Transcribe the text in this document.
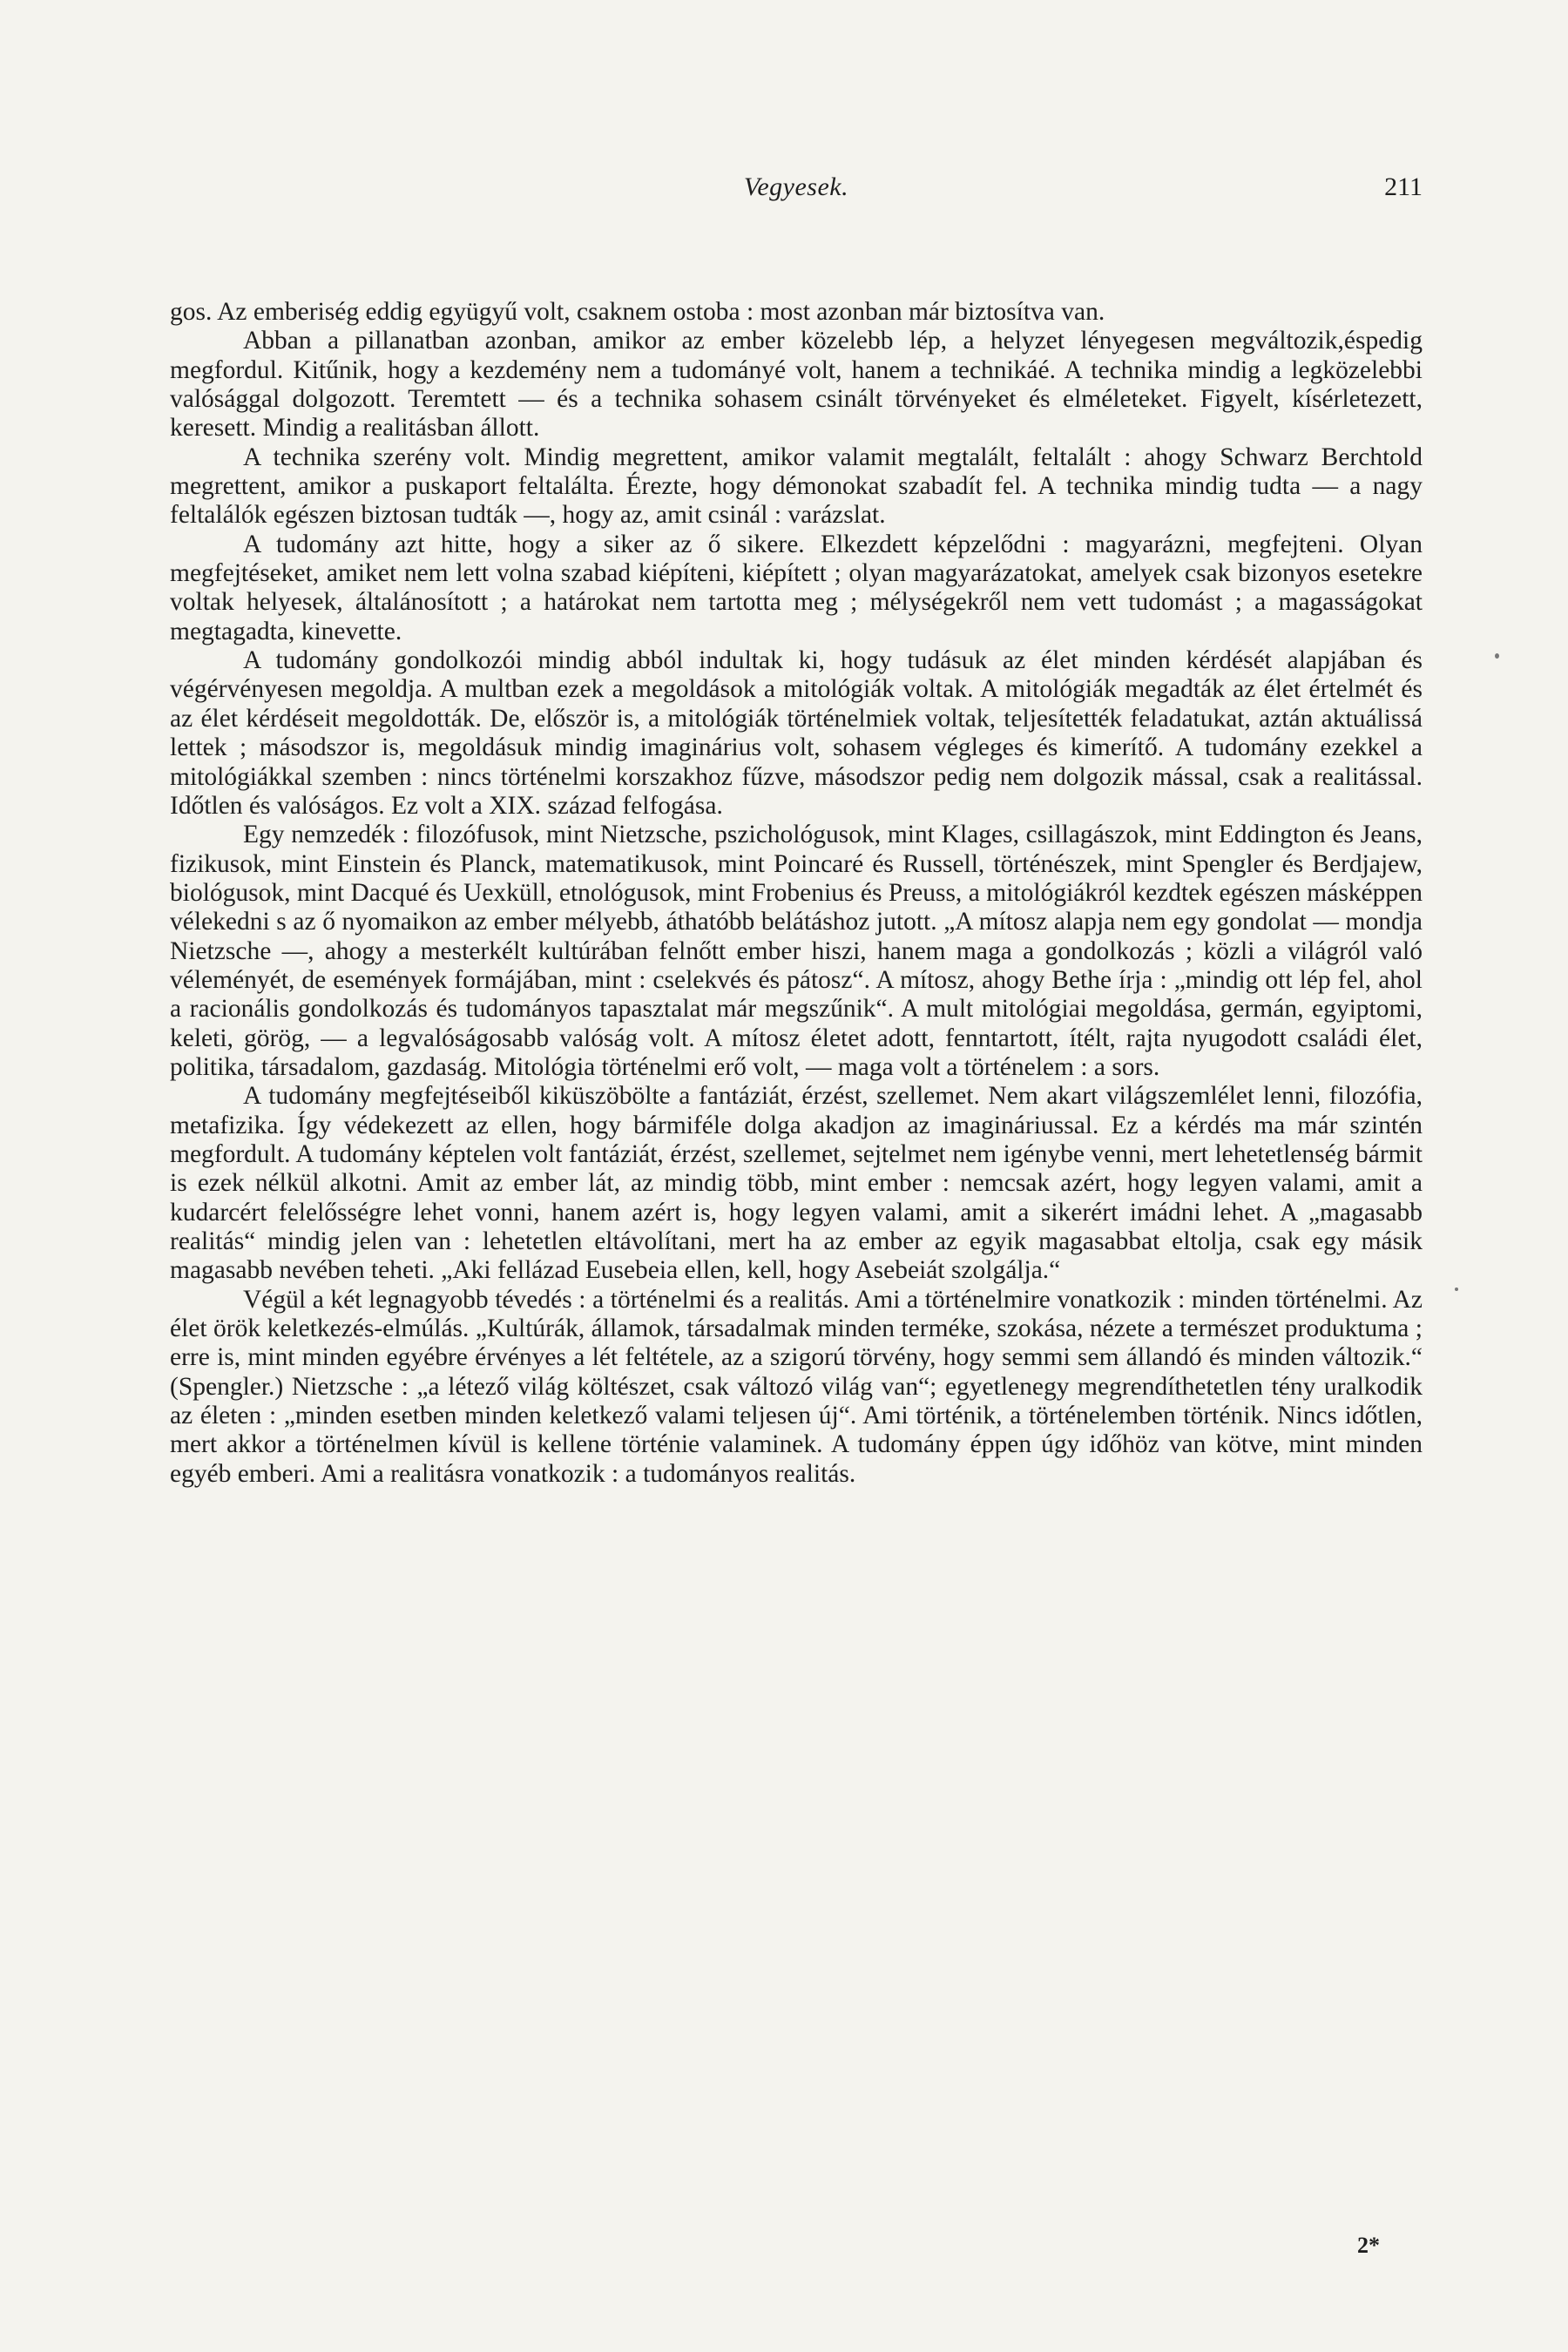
Vegyesek.	211

gos. Az emberiség eddig együgyű volt, csaknem ostoba : most azonban már biztosítva van.

Abban a pillanatban azonban, amikor az ember közelebb lép, a helyzet lényegesen megváltozik,éspedig megfordul. Kitűnik, hogy a kezdemény nem a tudományé volt, hanem a technikáé. A technika mindig a legközelebbi valósággal dolgozott. Teremtett — és a technika sohasem csinált törvényeket és elméleteket. Figyelt, kísérletezett, keresett. Mindig a realitásban állott.

A technika szerény volt. Mindig megrettent, amikor valamit megtalált, feltalált : ahogy Schwarz Berchtold megrettent, amikor a puskaport feltalálta. Érezte, hogy démonokat szabadít fel. A technika mindig tudta — a nagy feltalálók egészen biztosan tudták —, hogy az, amit csinál : varázslat.

A tudomány azt hitte, hogy a siker az ő sikere. Elkezdett képzelődni : magyarázni, megfejteni. Olyan megfejtéseket, amiket nem lett volna szabad kiépíteni, kiépített ; olyan magyarázatokat, amelyek csak bizonyos esetekre voltak helyesek, általánosított ; a határokat nem tartotta meg ; mélységekről nem vett tudomást ; a magasságokat megtagadta, kinevette.

A tudomány gondolkozói mindig abból indultak ki, hogy tudásuk az élet minden kérdését alapjában és végérvényesen megoldja. A multban ezek a megoldások a mitológiák voltak. A mitológiák megadták az élet értelmét és az élet kérdéseit megoldották. De, először is, a mitológiák történelmiek voltak, teljesítették feladatukat, aztán aktuálissá lettek ; másodszor is, megoldásuk mindig imaginárius volt, sohasem végleges és kimerítő. A tudomány ezekkel a mitológiákkal szemben : nincs történelmi korszakhoz fűzve, másodszor pedig nem dolgozik mással, csak a realitással. Időtlen és valóságos. Ez volt a XIX. század felfogása.

Egy nemzedék : filozófusok, mint Nietzsche, pszichológusok, mint Klages, csillagászok, mint Eddington és Jeans, fizikusok, mint Einstein és Planck, matematikusok, mint Poincaré és Russell, történészek, mint Spengler és Berdjajew, biológusok, mint Dacqué és Uexküll, etnológusok, mint Frobenius és Preuss, a mitológiákról kezdtek egészen másképpen vélekedni s az ő nyomaikon az ember mélyebb, áthatóbb belátáshoz jutott. „A mítosz alapja nem egy gondolat — mondja Nietzsche —, ahogy a mesterkélt kultúrában felnőtt ember hiszi, hanem maga a gondolkozás ; közli a világról való véleményét, de események formájában, mint : cselekvés és pátosz“. A mítosz, ahogy Bethe írja : „mindig ott lép fel, ahol a racionális gondolkozás és tudományos tapasztalat már megszűnik“. A mult mitológiai megoldása, germán, egyiptomi, keleti, görög, — a legvalóságosabb valóság volt. A mítosz életet adott, fenntartott, ítélt, rajta nyugodott családi élet, politika, társadalom, gazdaság. Mitológia történelmi erő volt, — maga volt a történelem : a sors.

A tudomány megfejtéseiből kiküszöbölte a fantáziát, érzést, szellemet. Nem akart világszemlélet lenni, filozófia, metafizika. Így védekezett az ellen, hogy bármiféle dolga akadjon az imagináriussal. Ez a kérdés ma már szintén megfordult. A tudomány képtelen volt fantáziát, érzést, szellemet, sejtelmet nem igénybe venni, mert lehetetlenség bármit is ezek nélkül alkotni. Amit az ember lát, az mindig több, mint ember : nemcsak azért, hogy legyen valami, amit a kudarcért felelősségre lehet vonni, hanem azért is, hogy legyen valami, amit a sikerért imádni lehet. A „magasabb realitás“ mindig jelen van : lehetetlen eltávolítani, mert ha az ember az egyik magasabbat eltolja, csak egy másik magasabb nevében teheti. „Aki fellázad Eusebeia ellen, kell, hogy Asebeiát szolgálja.“

Végül a két legnagyobb tévedés : a történelmi és a realitás. Ami a történelmire vonatkozik : minden történelmi. Az élet örök keletkezés-elmúlás. „Kultúrák, államok, társadalmak minden terméke, szokása, nézete a természet produktuma ; erre is, mint minden egyébre érvényes a lét feltétele, az a szigorú törvény, hogy semmi sem állandó és minden változik.“ (Spengler.) Nietzsche : „a létező világ költészet, csak változó világ van“; egyetlenegy megrendíthetetlen tény uralkodik az életen : „minden esetben minden keletkező valami teljesen új“. Ami történik, a történelemben történik. Nincs időtlen, mert akkor a történelmen kívül is kellene történie valaminek. A tudomány éppen úgy időhöz van kötve, mint minden egyéb emberi. Ami a realitásra vonatkozik : a tudományos realitás.

2*
